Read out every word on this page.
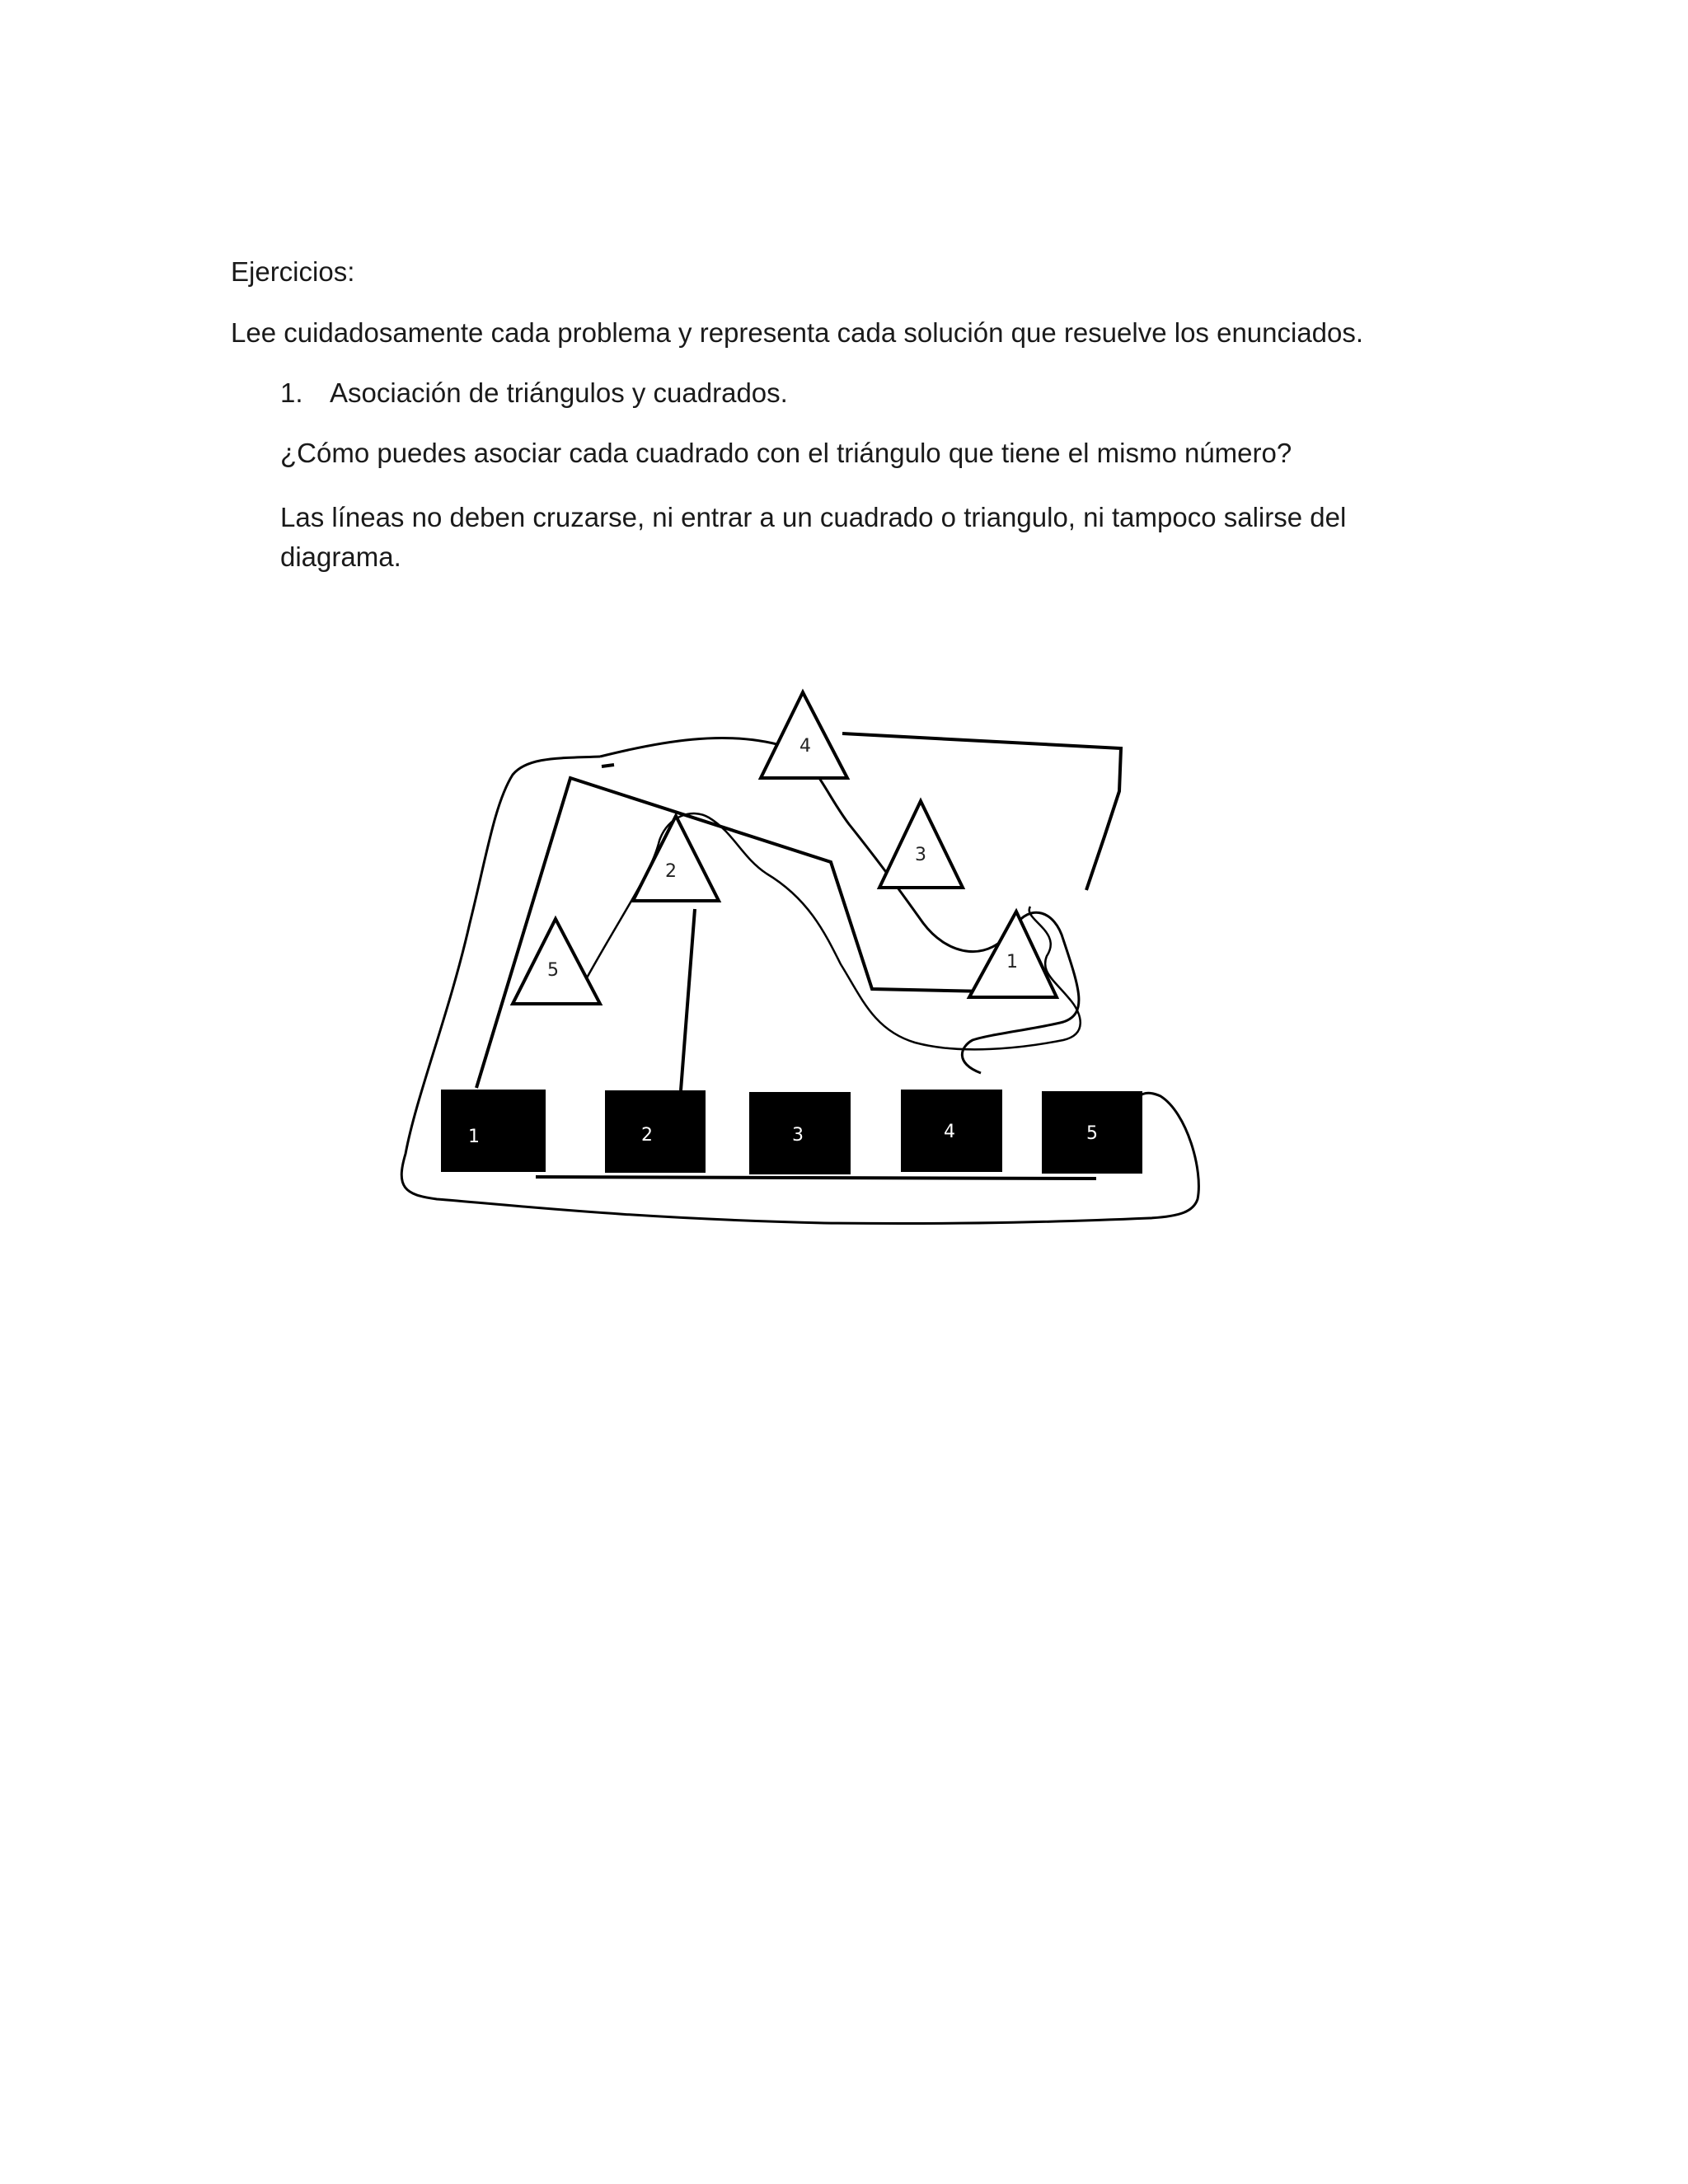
Ejercicios:
Lee cuidadosamente cada problema y representa cada solución que resuelve los enunciados.
1. Asociación de triángulos y cuadrados.
¿Cómo puedes asociar cada cuadrado con el triángulo que tiene el mismo número?
Las líneas no deben cruzarse, ni entrar a un cuadrado o triangulo, ni tampoco salirse del diagrama.
4
3
2
1
5
1	2	3	4	5
